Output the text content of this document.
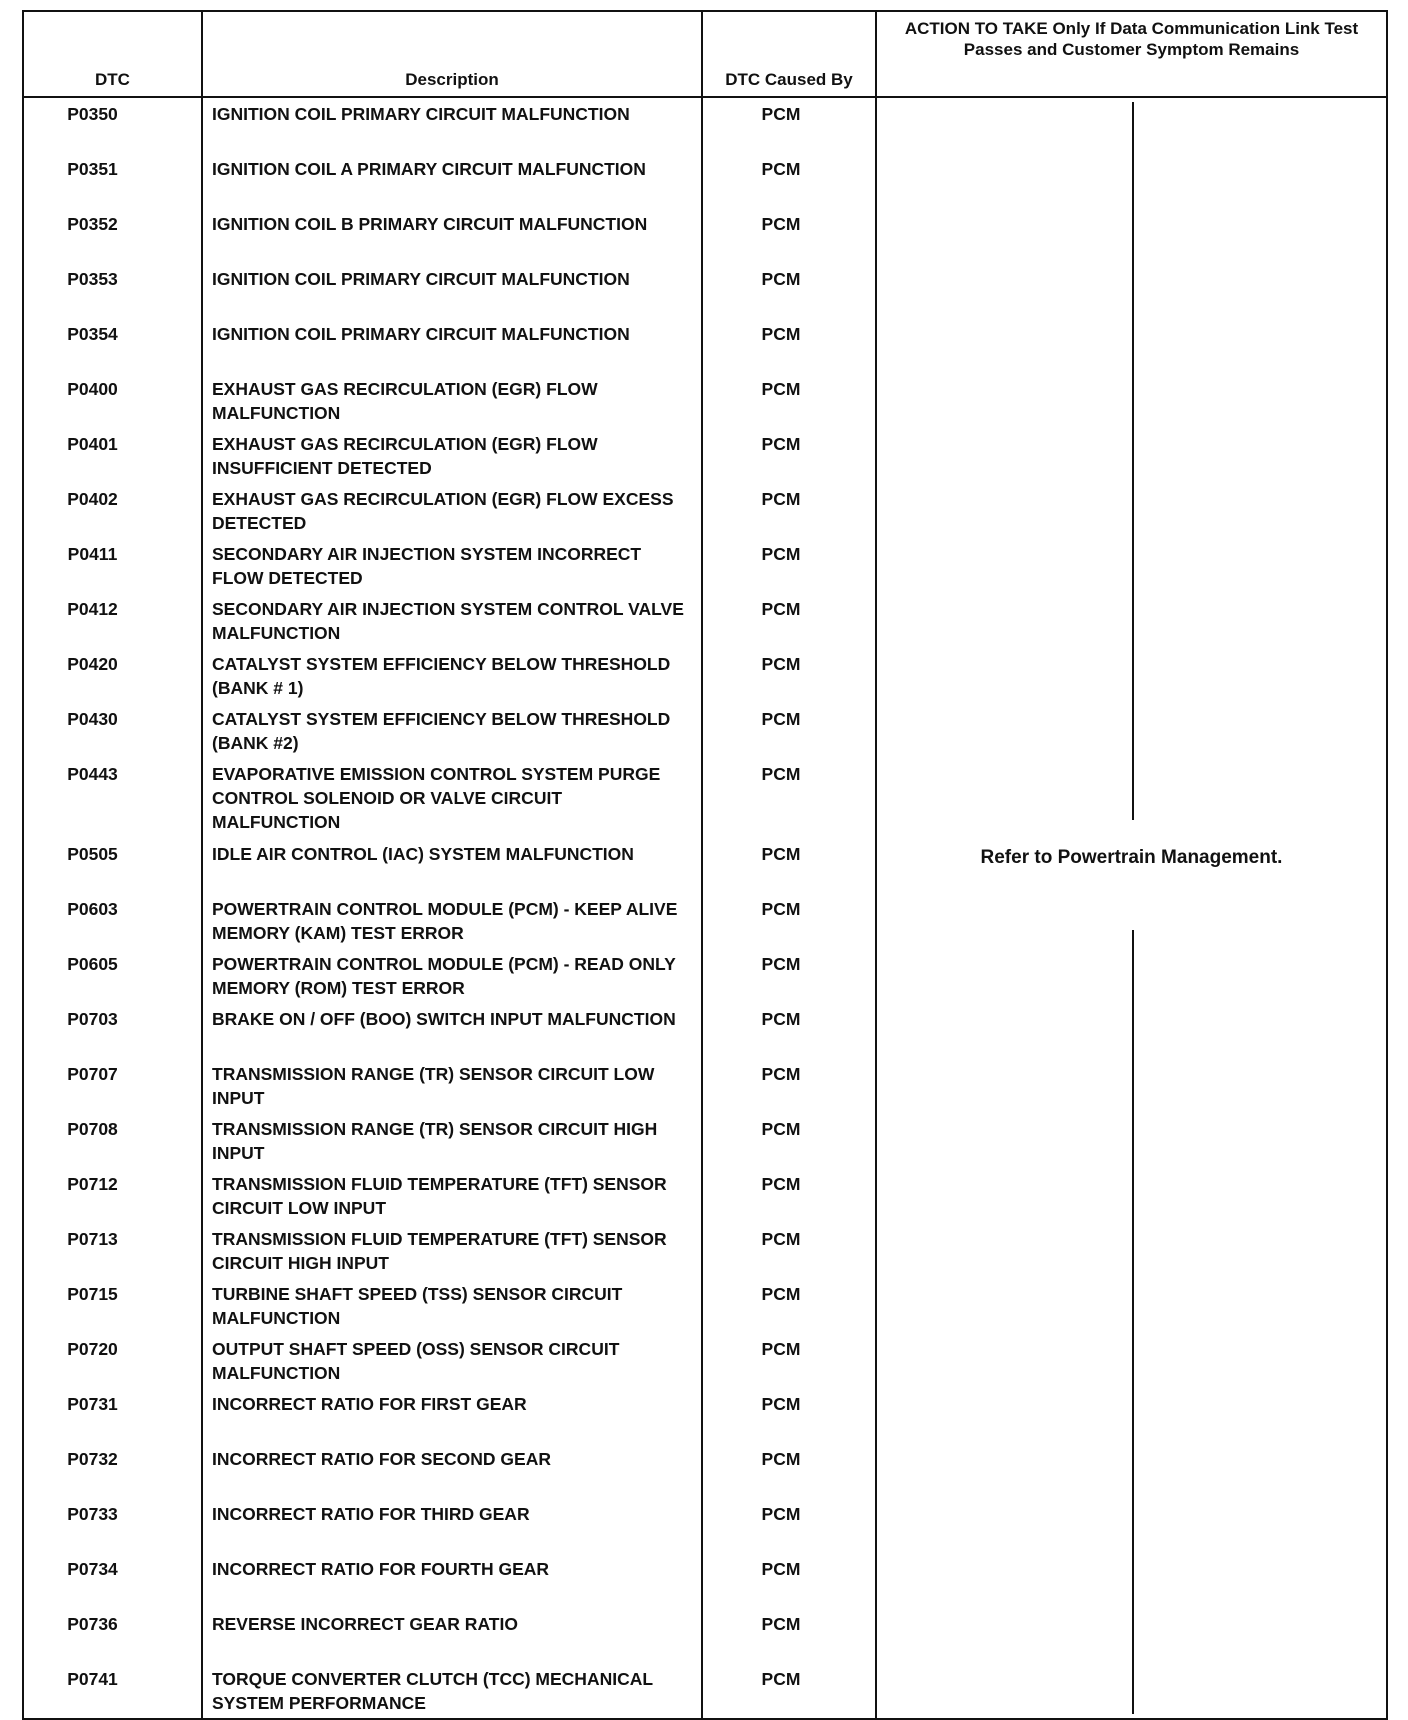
DTC	Description	DTC Caused By	ACTION TO TAKE Only If Data Communication Link Test Passes and Customer Symptom Remains

P0350	IGNITION COIL PRIMARY CIRCUIT MALFUNCTION	PCM	Refer to Powertrain Management.

P0351	IGNITION COIL A PRIMARY CIRCUIT MALFUNCTION	PCM	

P0352	IGNITION COIL B PRIMARY CIRCUIT MALFUNCTION	PCM	

P0353	IGNITION COIL PRIMARY CIRCUIT MALFUNCTION	PCM	

P0354	IGNITION COIL PRIMARY CIRCUIT MALFUNCTION	PCM	

P0400	EXHAUST GAS RECIRCULATION (EGR) FLOW MALFUNCTION	PCM	

P0401	EXHAUST GAS RECIRCULATION (EGR) FLOW INSUFFICIENT DETECTED	PCM	

P0402	EXHAUST GAS RECIRCULATION (EGR) FLOW EXCESS DETECTED	PCM	

P0411	SECONDARY AIR INJECTION SYSTEM INCORRECT FLOW DETECTED	PCM	

P0412	SECONDARY AIR INJECTION SYSTEM CONTROL VALVE MALFUNCTION	PCM	

P0420	CATALYST SYSTEM EFFICIENCY BELOW THRESHOLD (BANK # 1)	PCM	

P0430	CATALYST SYSTEM EFFICIENCY BELOW THRESHOLD (BANK #2)	PCM	

P0443	EVAPORATIVE EMISSION CONTROL SYSTEM PURGE CONTROL SOLENOID OR VALVE CIRCUIT MALFUNCTION	PCM	

P0505	IDLE AIR CONTROL (IAC) SYSTEM MALFUNCTION	PCM	

P0603	POWERTRAIN CONTROL MODULE (PCM) - KEEP ALIVE MEMORY (KAM) TEST ERROR	PCM	

P0605	POWERTRAIN CONTROL MODULE (PCM) - READ ONLY MEMORY (ROM) TEST ERROR	PCM	

P0703	BRAKE ON / OFF (BOO) SWITCH INPUT MALFUNCTION	PCM	

P0707	TRANSMISSION RANGE (TR) SENSOR CIRCUIT LOW INPUT	PCM	

P0708	TRANSMISSION RANGE (TR) SENSOR CIRCUIT HIGH INPUT	PCM	

P0712	TRANSMISSION FLUID TEMPERATURE (TFT) SENSOR CIRCUIT LOW INPUT	PCM	

P0713	TRANSMISSION FLUID TEMPERATURE (TFT) SENSOR CIRCUIT HIGH INPUT	PCM	

P0715	TURBINE SHAFT SPEED (TSS) SENSOR CIRCUIT MALFUNCTION	PCM	

P0720	OUTPUT SHAFT SPEED (OSS) SENSOR CIRCUIT MALFUNCTION	PCM	

P0731	INCORRECT RATIO FOR FIRST GEAR	PCM	

P0732	INCORRECT RATIO FOR SECOND GEAR	PCM	

P0733	INCORRECT RATIO FOR THIRD GEAR	PCM	

P0734	INCORRECT RATIO FOR FOURTH GEAR	PCM	

P0736	REVERSE INCORRECT GEAR RATIO	PCM	

P0741	TORQUE CONVERTER CLUTCH (TCC) MECHANICAL SYSTEM PERFORMANCE	PCM	
